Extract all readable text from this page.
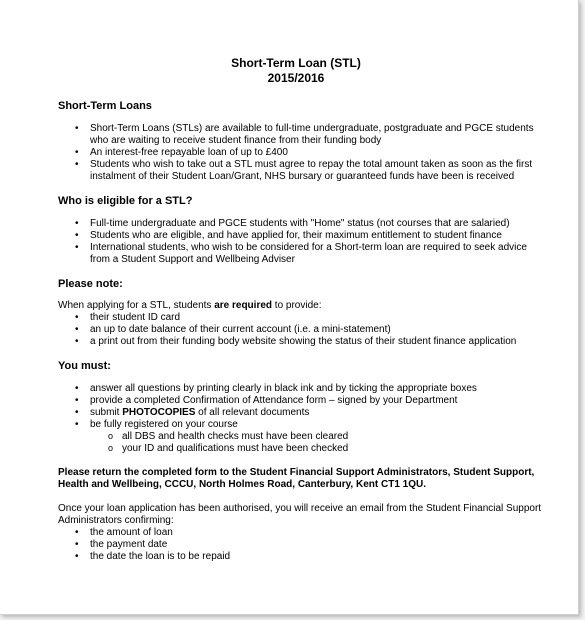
Short-Term Loan (STL)
2015/2016
Short-Term Loans
• Short-Term Loans (STLs) are available to full-time undergraduate, postgraduate and PGCE students who are waiting to receive student finance from their funding body
• An interest-free repayable loan of up to £400
• Students who wish to take out a STL must agree to repay the total amount taken as soon as the first instalment of their Student Loan/Grant, NHS bursary or guaranteed funds have been is received
Who is eligible for a STL?
• Full-time undergraduate and PGCE students with "Home" status (not courses that are salaried)
• Students who are eligible, and have applied for, their maximum entitlement to student finance
• International students, who wish to be considered for a Short-term loan are required to seek advice from a Student Support and Wellbeing Adviser
Please note:
When applying for a STL, students are required to provide:
• their student ID card
• an up to date balance of their current account (i.e. a mini-statement)
• a print out from their funding body website showing the status of their student finance application
You must:
• answer all questions by printing clearly in black ink and by ticking the appropriate boxes
• provide a completed Confirmation of Attendance form – signed by your Department
• submit PHOTOCOPIES of all relevant documents
• be fully registered on your course
o all DBS and health checks must have been cleared
o your ID and qualifications must have been checked
Please return the completed form to the Student Financial Support Administrators, Student Support, Health and Wellbeing, CCCU, North Holmes Road, Canterbury, Kent CT1 1QU.
Once your loan application has been authorised, you will receive an email from the Student Financial Support Administrators confirming:
• the amount of loan
• the payment date
• the date the loan is to be repaid
